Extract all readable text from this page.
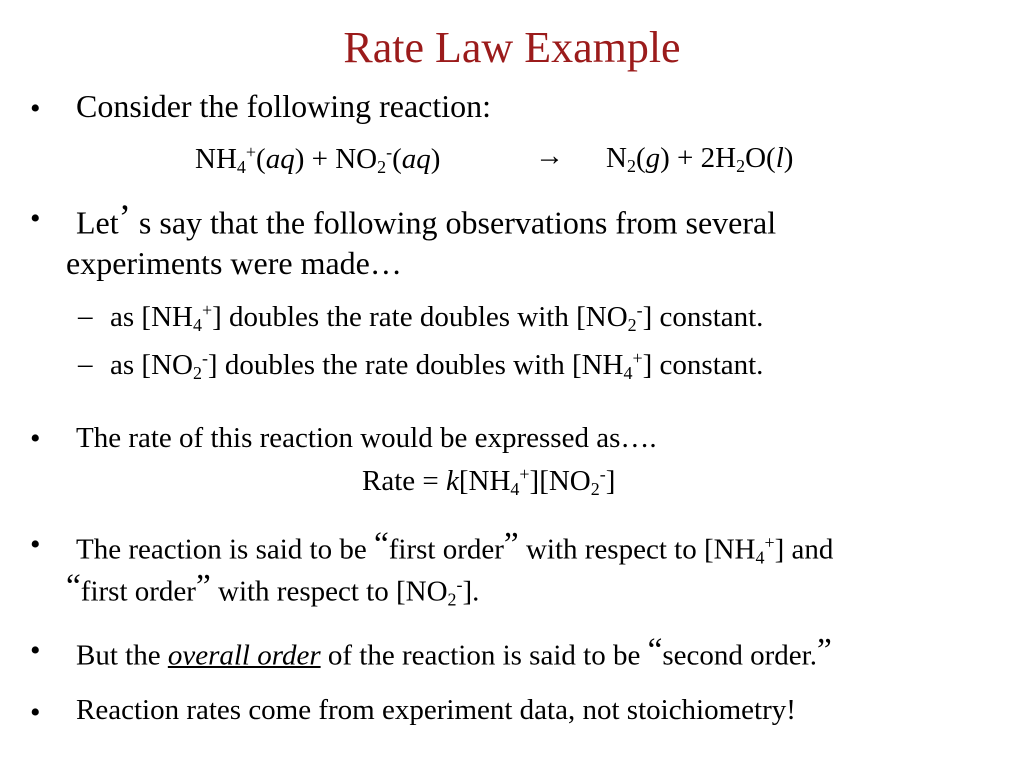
Rate Law Example
• Consider the following reaction:
$NH_4^+(aq) + NO_2^-(aq)$	→ $N_2(g) + 2H_2O(l)$
• Let’ s say that the following observations from several
experiments were made…
– as $[NH_4^+]$ doubles the rate doubles with $[NO_2^-]$ constant.
– as $[NO_2^-]$ doubles the rate doubles with $[NH_4^+]$ constant.
• The rate of this reaction would be expressed as….
Rate = $k[NH_4^+][NO_2^-]$
• The reaction is said to be “first order” with respect to $[NH_4^+]$ and
“first order” with respect to $[NO_2^-]$.
• But the overall order of the reaction is said to be “second order.”
• Reaction rates come from experiment data, not stoichiometry!
